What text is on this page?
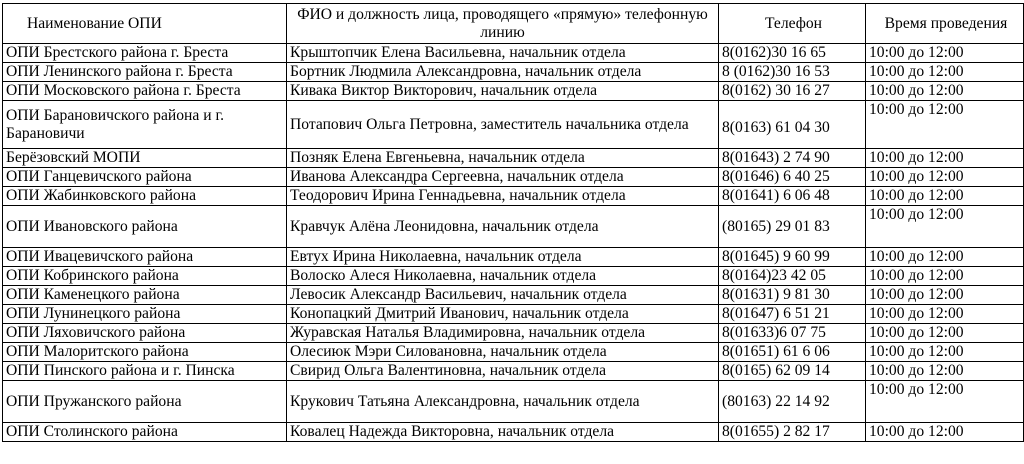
Наименование ОПИ	ФИО и должность лица, проводящего «прямую» телефонную линию	Телефон	Время проведения
ОПИ Брестского района г. Бреста	Крыштопчик Елена Васильевна, начальник отдела	8(0162)30 16 65	10:00 до 12:00
ОПИ Ленинского района г. Бреста	Бортник Людмила Александровна, начальник отдела	8 (0162)30 16 53	10:00 до 12:00
ОПИ Московского района г. Бреста	Кивака Виктор Викторович, начальник отдела	8(0162) 30 16 27	10:00 до 12:00
ОПИ Барановичского района и г. Барановичи	Потапович Ольга Петровна, заместитель начальника отдела	8(0163) 61 04 30	10:00 до 12:00
Берёзовский МОПИ	Позняк Елена Евгеньевна, начальник отдела	8(01643) 2 74 90	10:00 до 12:00
ОПИ Ганцевичского района	Иванова Александра Сергеевна, начальник отдела	8(01646) 6 40 25	10:00 до 12:00
ОПИ Жабинковского района	Теодорович Ирина Геннадьевна, начальник отдела	8(01641) 6 06 48	10:00 до 12:00
ОПИ Ивановского района	Кравчук Алёна Леонидовна, начальник отдела	(80165) 29 01 83	10:00 до 12:00
ОПИ Ивацевичского района	Евтух Ирина Николаевна, начальник отдела	8(01645) 9 60 99	10:00 до 12:00
ОПИ Кобринского района	Волоско Алеся Николаевна, начальник отдела	8(0164)23 42 05	10:00 до 12:00
ОПИ Каменецкого района	Левосик Александр Васильевич, начальник отдела	8(01631) 9 81 30	10:00 до 12:00
ОПИ Лунинецкого района	Конопацкий Дмитрий Иванович, начальник отдела	8(01647) 6 51 21	10:00 до 12:00
ОПИ Ляховичского района	Журавская Наталья Владимировна, начальник отдела	8(01633)6 07 75	10:00 до 12:00
ОПИ Малоритского района	Олесиюк Мэри Силовановна, начальник отдела	8(01651) 61 6 06	10:00 до 12:00
ОПИ Пинского района и г. Пинска	Свирид Ольга Валентиновна, начальник отдела	8(0165) 62 09 14	10:00 до 12:00
ОПИ Пружанского района	Крукович Татьяна Александровна, начальник отдела	(80163) 22 14 92	10:00 до 12:00
ОПИ Столинского района	Ковалец Надежда Викторовна, начальник отдела	8(01655) 2 82 17	10:00 до 12:00
